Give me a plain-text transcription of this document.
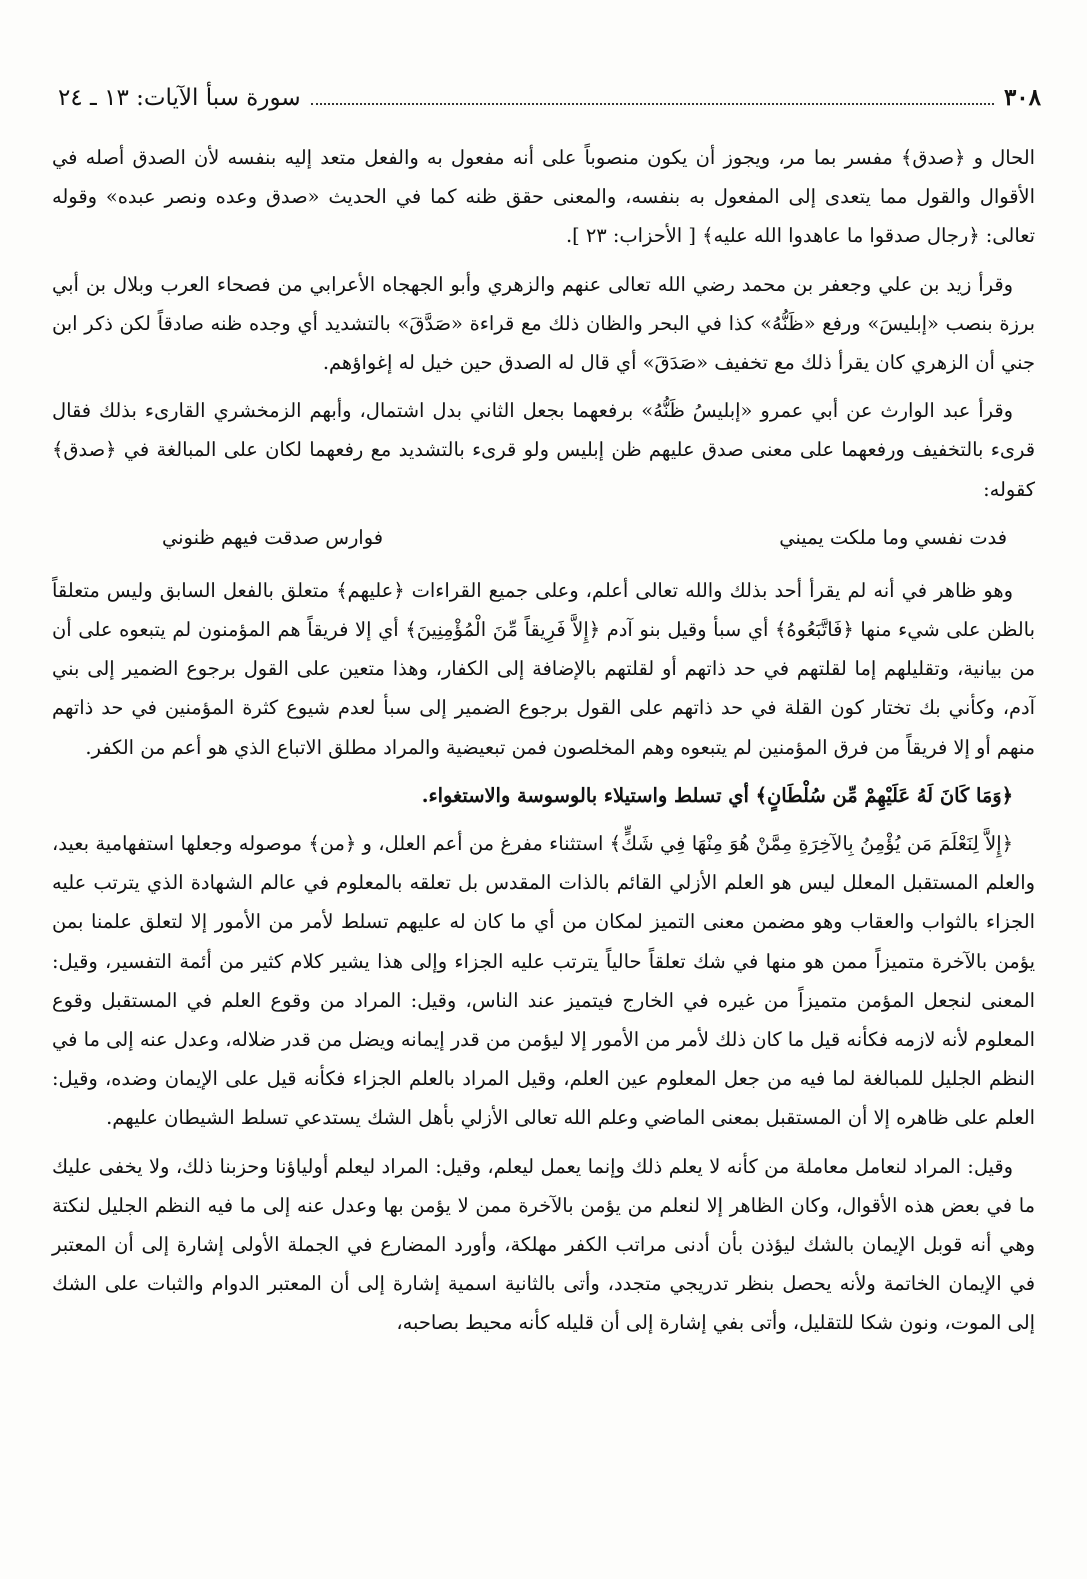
٣٠٨
سورة سبأ الآيات: ١٣ ـ ٢٤

الحال و ﴿صدق﴾ مفسر بما مر، ويجوز أن يكون منصوباً على أنه مفعول به والفعل متعد إليه بنفسه لأن الصدق أصله في الأقوال والقول مما يتعدى إلى المفعول به بنفسه، والمعنى حقق ظنه كما في الحديث «صدق وعده ونصر عبده» وقوله تعالى: ﴿رجال صدقوا ما عاهدوا الله عليه﴾ [ الأحزاب: ٢٣ ].

وقرأ زيد بن علي وجعفر بن محمد رضي الله تعالى عنهم والزهري وأبو الجهجاه الأعرابي من فصحاء العرب وبلال بن أبي برزة بنصب «إبليسَ» ورفع «ظَنُّهُ» كذا في البحر والظان ذلك مع قراءة «صَدَّقَ» بالتشديد أي وجده ظنه صادقاً لكن ذكر ابن جني أن الزهري كان يقرأ ذلك مع تخفيف «صَدَقَ» أي قال له الصدق حين خيل له إغواؤهم.

وقرأ عبد الوارث عن أبي عمرو «إبليسُ ظَنُّهُ» برفعهما بجعل الثاني بدل اشتمال، وأبهم الزمخشري القارىء بذلك فقال قرىء بالتخفيف ورفعهما على معنى صدق عليهم ظن إبليس ولو قرىء بالتشديد مع رفعهما لكان على المبالغة في ﴿صدق﴾ كقوله:

فدت نفسي وما ملكت يميني
فوارس صدقت فيهم ظنوني

وهو ظاهر في أنه لم يقرأ أحد بذلك والله تعالى أعلم، وعلى جميع القراءات ﴿عليهم﴾ متعلق بالفعل السابق وليس متعلقاً بالظن على شيء منها ﴿فَاتَّبَعُوهُ﴾ أي سبأ وقيل بنو آدم ﴿إِلاَّ فَرِيقاً مِّنَ الْمُؤْمِنِينَ﴾ أي إلا فريقاً هم المؤمنون لم يتبعوه على أن من بيانية، وتقليلهم إما لقلتهم في حد ذاتهم أو لقلتهم بالإضافة إلى الكفار، وهذا متعين على القول برجوع الضمير إلى بني آدم، وكأني بك تختار كون القلة في حد ذاتهم على القول برجوع الضمير إلى سبأ لعدم شيوع كثرة المؤمنين في حد ذاتهم منهم أو إلا فريقاً من فرق المؤمنين لم يتبعوه وهم المخلصون فمن تبعيضية والمراد مطلق الاتباع الذي هو أعم من الكفر.

﴿وَمَا كَانَ لَهُ عَلَيْهِمْ مِّن سُلْطَانٍ﴾ أي تسلط واستيلاء بالوسوسة والاستغواء.

﴿إِلاَّ لِنَعْلَمَ مَن يُؤْمِنُ بِالآخِرَةِ مِمَّنْ هُوَ مِنْهَا فِي شَكٍّ﴾ استثناء مفرغ من أعم العلل، و ﴿من﴾ موصوله وجعلها استفهامية بعيد، والعلم المستقبل المعلل ليس هو العلم الأزلي القائم بالذات المقدس بل تعلقه بالمعلوم في عالم الشهادة الذي يترتب عليه الجزاء بالثواب والعقاب وهو مضمن معنى التميز لمكان من أي ما كان له عليهم تسلط لأمر من الأمور إلا لتعلق علمنا بمن يؤمن بالآخرة متميزاً ممن هو منها في شك تعلقاً حالياً يترتب عليه الجزاء وإلى هذا يشير كلام كثير من أئمة التفسير، وقيل: المعنى لنجعل المؤمن متميزاً من غيره في الخارج فيتميز عند الناس، وقيل: المراد من وقوع العلم في المستقبل وقوع المعلوم لأنه لازمه فكأنه قيل ما كان ذلك لأمر من الأمور إلا ليؤمن من قدر إيمانه ويضل من قدر ضلاله، وعدل عنه إلى ما في النظم الجليل للمبالغة لما فيه من جعل المعلوم عين العلم، وقيل المراد بالعلم الجزاء فكأنه قيل على الإيمان وضده، وقيل: العلم على ظاهره إلا أن المستقبل بمعنى الماضي وعلم الله تعالى الأزلي بأهل الشك يستدعي تسلط الشيطان عليهم.

وقيل: المراد لنعامل معاملة من كأنه لا يعلم ذلك وإنما يعمل ليعلم، وقيل: المراد ليعلم أولياؤنا وحزبنا ذلك، ولا يخفى عليك ما في بعض هذه الأقوال، وكان الظاهر إلا لنعلم من يؤمن بالآخرة ممن لا يؤمن بها وعدل عنه إلى ما فيه النظم الجليل لنكتة وهي أنه قوبل الإيمان بالشك ليؤذن بأن أدنى مراتب الكفر مهلكة، وأورد المضارع في الجملة الأولى إشارة إلى أن المعتبر في الإيمان الخاتمة ولأنه يحصل بنظر تدريجي متجدد، وأتى بالثانية اسمية إشارة إلى أن المعتبر الدوام والثبات على الشك إلى الموت، ونون شكا للتقليل، وأتى بفي إشارة إلى أن قليله كأنه محيط بصاحبه،
